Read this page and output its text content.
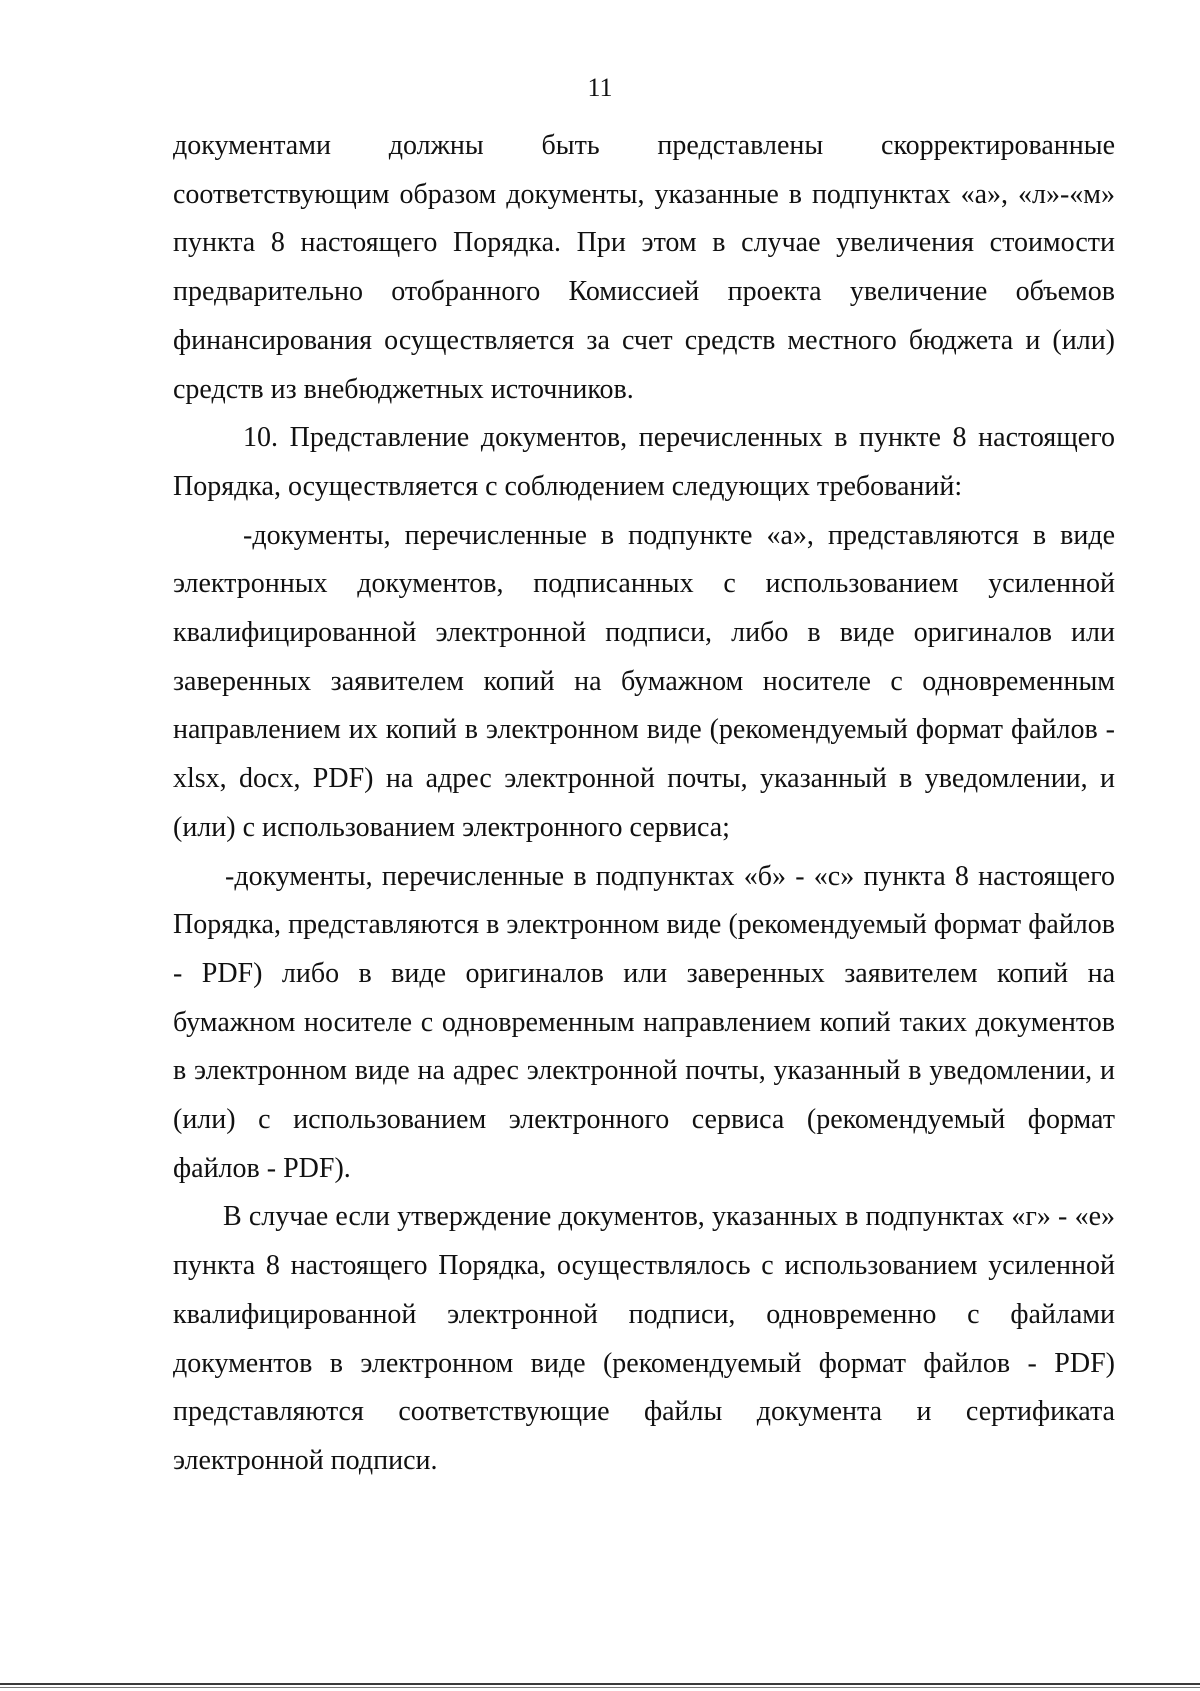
11

документами должны быть представлены скорректированные соответствующим образом документы, указанные в подпунктах «а», «л»-«м» пункта 8 настоящего Порядка. При этом в случае увеличения стоимости предварительно отобранного Комиссией проекта увеличение объемов финансирования осуществляется за счет средств местного бюджета и (или) средств из внебюджетных источников.

10. Представление документов, перечисленных в пункте 8 настоящего Порядка, осуществляется с соблюдением следующих требований:

-документы, перечисленные в подпункте «а», представляются в виде электронных документов, подписанных с использованием усиленной квалифицированной электронной подписи, либо в виде оригиналов или заверенных заявителем копий на бумажном носителе с одновременным направлением их копий в электронном виде (рекомендуемый формат файлов - xlsx, docx, PDF) на адрес электронной почты, указанный в уведомлении, и (или) с использованием электронного сервиса;

-документы, перечисленные в подпунктах «б» - «с» пункта 8 настоящего Порядка, представляются в электронном виде (рекомендуемый формат файлов - PDF) либо в виде оригиналов или заверенных заявителем копий на бумажном носителе с одновременным направлением копий таких документов в электронном виде на адрес электронной почты, указанный в уведомлении, и (или) с использованием электронного сервиса (рекомендуемый формат файлов - PDF).

В случае если утверждение документов, указанных в подпунктах «г» - «е» пункта 8 настоящего Порядка, осуществлялось с использованием усиленной квалифицированной электронной подписи, одновременно с файлами документов в электронном виде (рекомендуемый формат файлов - PDF) представляются соответствующие файлы документа и сертификата электронной подписи.
